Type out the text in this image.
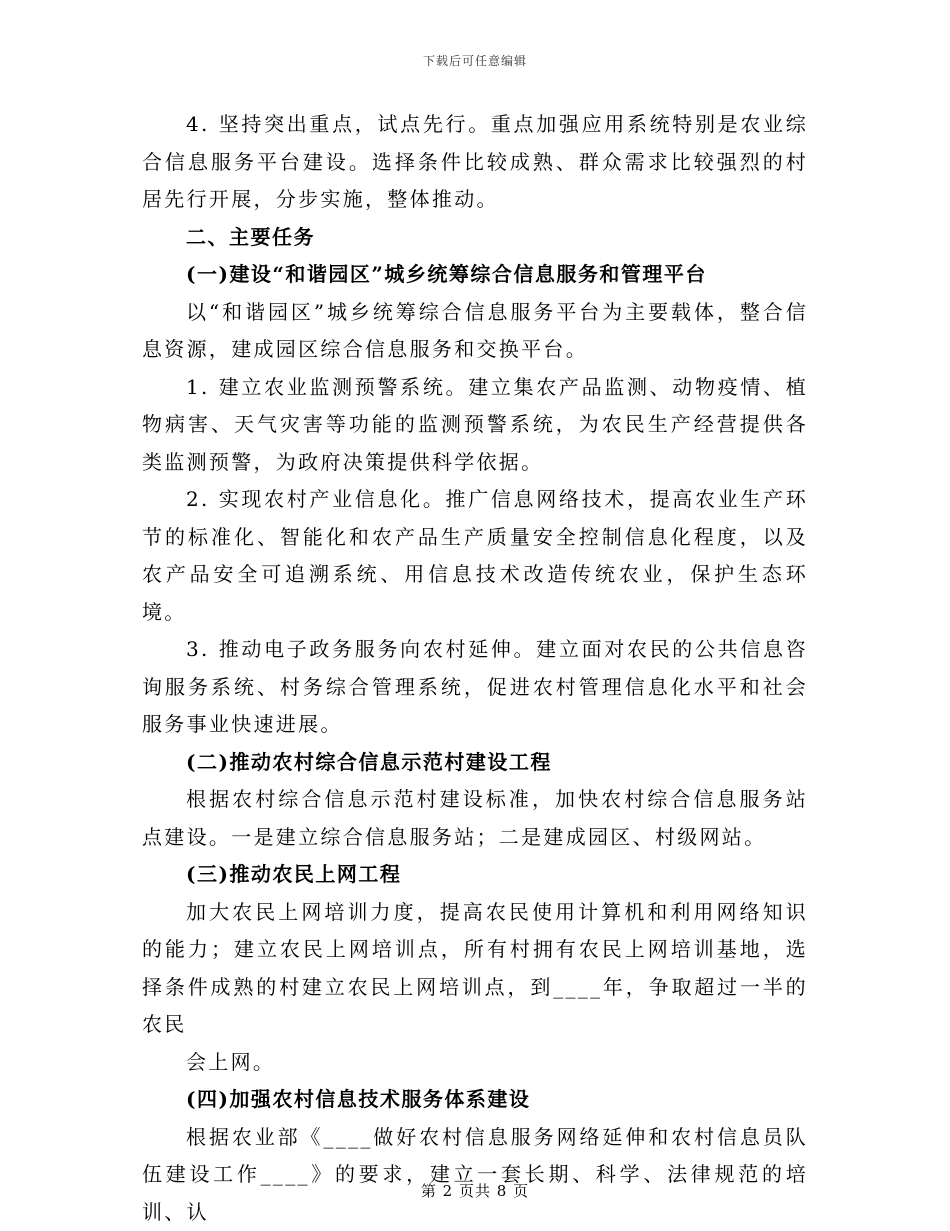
下载后可任意编辑

4. 坚持突出重点，试点先行。重点加强应用系统特别是农业综合信息服务平台建设。选择条件比较成熟、群众需求比较强烈的村居先行开展，分步实施，整体推动。

二、主要任务

(一)建设“和谐园区”城乡统筹综合信息服务和管理平台

以“和谐园区”城乡统筹综合信息服务平台为主要载体，整合信息资源，建成园区综合信息服务和交换平台。

1. 建立农业监测预警系统。建立集农产品监测、动物疫情、植物病害、天气灾害等功能的监测预警系统，为农民生产经营提供各类监测预警，为政府决策提供科学依据。

2. 实现农村产业信息化。推广信息网络技术，提高农业生产环节的标准化、智能化和农产品生产质量安全控制信息化程度，以及农产品安全可追溯系统、用信息技术改造传统农业，保护生态环境。

3. 推动电子政务服务向农村延伸。建立面对农民的公共信息咨询服务系统、村务综合管理系统，促进农村管理信息化水平和社会服务事业快速进展。

(二)推动农村综合信息示范村建设工程

根据农村综合信息示范村建设标准，加快农村综合信息服务站点建设。一是建立综合信息服务站；二是建成园区、村级网站。

(三)推动农民上网工程

加大农民上网培训力度，提高农民使用计算机和利用网络知识的能力；建立农民上网培训点，所有村拥有农民上网培训基地，选择条件成熟的村建立农民上网培训点，到____年，争取超过一半的农民

会上网。

(四)加强农村信息技术服务体系建设

根据农业部《____做好农村信息服务网络延伸和农村信息员队伍建设工作____》的要求，建立一套长期、科学、法律规范的培训、认

第 2 页共 8 页
